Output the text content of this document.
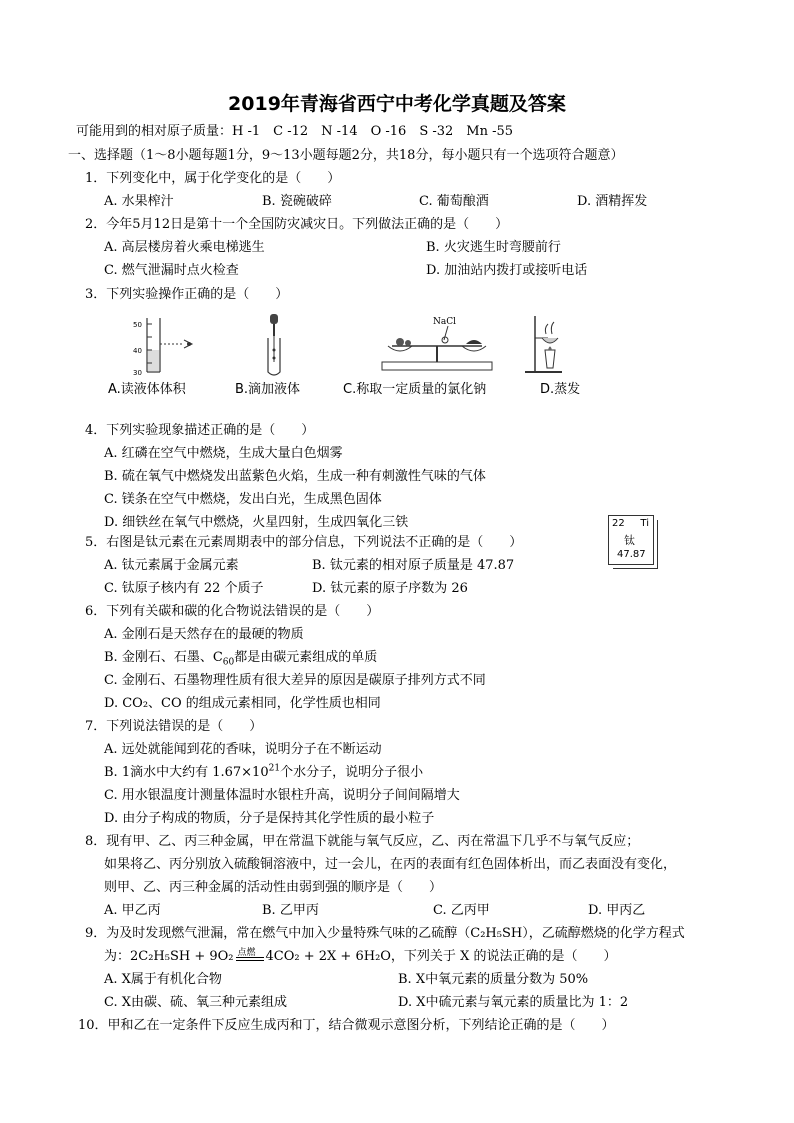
2019年青海省西宁中考化学真题及答案
可能用到的相对原子质量：H -1　C -12　N -14　O -16　S -32　Mn -55
一、选择题（1～8小题每题1分，9～13小题每题2分，共18分，每小题只有一个选项符合题意）
1．下列变化中，属于化学变化的是（　　）
A. 水果榨汁	B. 瓷碗破碎	C. 葡萄酿酒	D. 酒精挥发
2．今年5月12日是第十一个全国防灾减灾日。下列做法正确的是（　　）
A. 高层楼房着火乘电梯逃生	B. 火灾逃生时弯腰前行
C. 燃气泄漏时点火检查	D. 加油站内拨打或接听电话
3．下列实验操作正确的是（　　）
50
40
30
NaCl
A.读液体体积	B.滴加液体	C.称取一定质量的氯化钠	D.蒸发
4．下列实验现象描述正确的是（　　）
A. 红磷在空气中燃烧，生成大量白色烟雾
B. 硫在氧气中燃烧发出蓝紫色火焰，生成一种有刺激性气味的气体
C. 镁条在空气中燃烧，发出白光，生成黑色固体
D. 细铁丝在氧气中燃烧，火星四射，生成四氧化三铁	22 Ti
钛
47.87
5．右图是钛元素在元素周期表中的部分信息，下列说法不正确的是（　　）
A. 钛元素属于金属元素	B. 钛元素的相对原子质量是 47.87
C. 钛原子核内有 22 个质子	D. 钛元素的原子序数为 26
6．下列有关碳和碳的化合物说法错误的是（　　）
A. 金刚石是天然存在的最硬的物质
B. 金刚石、石墨、$C_{60}$都是由碳元素组成的单质
C. 金刚石、石墨物理性质有很大差异的原因是碳原子排列方式不同
D. CO₂、CO 的组成元素相同，化学性质也相同
7．下列说法错误的是（　　）
A. 远处就能闻到花的香味，说明分子在不断运动
B. 1滴水中大约有 $1.67\times 10^{21}$个水分子，说明分子很小
C. 用水银温度计测量体温时水银柱升高，说明分子间间隔增大
D. 由分子构成的物质，分子是保持其化学性质的最小粒子
8．现有甲、乙、丙三种金属，甲在常温下就能与氧气反应，乙、丙在常温下几乎不与氧气反应；
如果将乙、丙分别放入硫酸铜溶液中，过一会儿，在丙的表面有红色固体析出，而乙表面没有变化，
则甲、乙、丙三种金属的活动性由弱到强的顺序是（　　）
A. 甲乙丙	B. 乙甲丙	C. 乙丙甲	D. 甲丙乙
9．为及时发现燃气泄漏，常在燃气中加入少量特殊气味的乙硫醇（C₂H₅SH），乙硫醇燃烧的化学方程式
为：2C₂H₅SH + 9O₂ 点燃 4CO₂ + 2X + 6H₂O，下列关于 X 的说法正确的是（　　）
A. X属于有机化合物	B. X中氧元素的质量分数为 50%
C. X由碳、硫、氧三种元素组成	D. X中硫元素与氧元素的质量比为 1：2
10．甲和乙在一定条件下反应生成丙和丁，结合微观示意图分析，下列结论正确的是（　　）
